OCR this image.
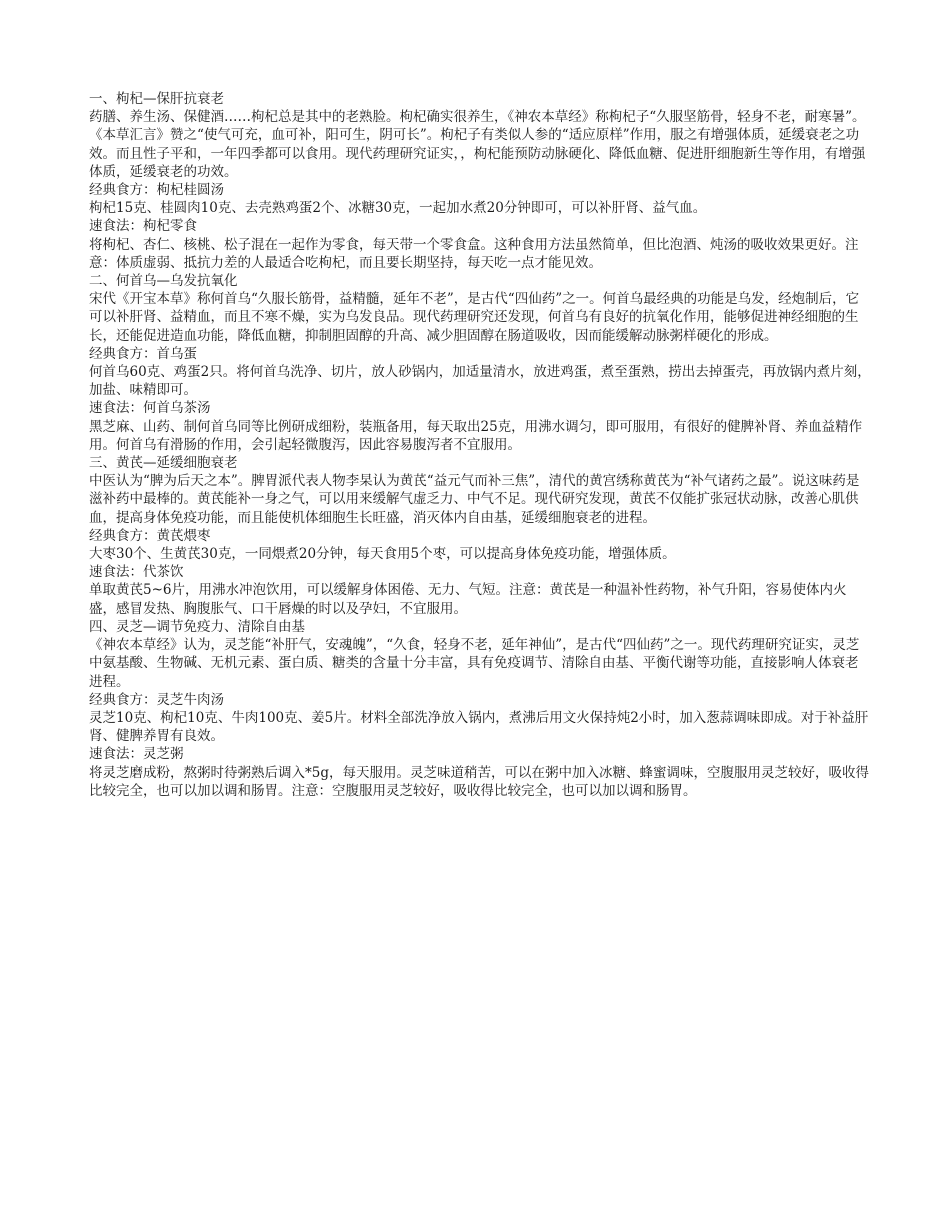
一、枸杞—保肝抗衰老
药膳、养生汤、保健酒……枸杞总是其中的老熟脸。枸杞确实很养生，《神农本草经》称枸杞子“久服坚筋骨，轻身不老，耐寒暑”。《本草汇言》赞之“使气可充，血可补，阳可生，阴可长”。枸杞子有类似人参的“适应原样”作用，服之有增强体质，延缓衰老之功效。而且性子平和，一年四季都可以食用。现代药理研究证实，，枸杞能预防动脉硬化、降低血糖、促进肝细胞新生等作用，有增强体质，延缓衰老的功效。
经典食方：枸杞桂圆汤
枸杞15克、桂圆肉10克、去壳熟鸡蛋2个、冰糖30克，一起加水煮20分钟即可，可以补肝肾、益气血。
速食法：枸杞零食
将枸杞、杏仁、核桃、松子混在一起作为零食，每天带一个零食盒。这种食用方法虽然简单，但比泡酒、炖汤的吸收效果更好。注意：体质虚弱、抵抗力差的人最适合吃枸杞，而且要长期坚持，每天吃一点才能见效。
二、何首乌—乌发抗氧化
宋代《开宝本草》称何首乌“久服长筋骨，益精髓，延年不老”，是古代“四仙药”之一。何首乌最经典的功能是乌发，经炮制后，它可以补肝肾、益精血，而且不寒不燥，实为乌发良品。现代药理研究还发现，何首乌有良好的抗氧化作用，能够促进神经细胞的生长，还能促进造血功能，降低血糖，抑制胆固醇的升高、减少胆固醇在肠道吸收，因而能缓解动脉粥样硬化的形成。
经典食方：首乌蛋
何首乌60克、鸡蛋2只。将何首乌洗净、切片，放人砂锅内，加适量清水，放进鸡蛋，煮至蛋熟，捞出去掉蛋壳，再放锅内煮片刻，加盐、味精即可。
速食法：何首乌茶汤
黑芝麻、山药、制何首乌同等比例研成细粉，装瓶备用，每天取出25克，用沸水调匀，即可服用，有很好的健脾补肾、养血益精作用。何首乌有滑肠的作用，会引起轻微腹泻，因此容易腹泻者不宜服用。
三、黄芪—延缓细胞衰老
中医认为“脾为后天之本”。脾胃派代表人物李杲认为黄芪“益元气而补三焦”，清代的黄宫绣称黄芪为“补气诸药之最”。说这味药是滋补药中最棒的。黄芪能补一身之气，可以用来缓解气虚乏力、中气不足。现代研究发现，黄芪不仅能扩张冠状动脉，改善心肌供血，提高身体免疫功能，而且能使机体细胞生长旺盛，消灭体内自由基，延缓细胞衰老的进程。
经典食方：黄芪煨枣
大枣30个、生黄芪30克，一同煨煮20分钟，每天食用5个枣，可以提高身体免疫功能，增强体质。
速食法：代茶饮
单取黄芪5~6片，用沸水冲泡饮用，可以缓解身体困倦、无力、气短。注意：黄芪是一种温补性药物，补气升阳，容易使体内火盛，感冒发热、胸腹胀气、口干唇燥的时以及孕妇，不宜服用。
四、灵芝—调节免疫力、清除自由基
《神农本草经》认为，灵芝能“补肝气，安魂魄”，“久食，轻身不老，延年神仙”，是古代“四仙药”之一。现代药理研究证实，灵芝中氨基酸、生物碱、无机元素、蛋白质、糖类的含量十分丰富，具有免疫调节、清除自由基、平衡代谢等功能，直接影响人体衰老进程。
经典食方：灵芝牛肉汤
灵芝10克、枸杞10克、牛肉100克、姜5片。材料全部洗净放入锅内，煮沸后用文火保持炖2小时，加入葱蒜调味即成。对于补益肝肾、健脾养胃有良效。
速食法：灵芝粥
将灵芝磨成粉，熬粥时待粥熟后调入*5g，每天服用。灵芝味道稍苦，可以在粥中加入冰糖、蜂蜜调味，空腹服用灵芝较好，吸收得比较完全，也可以加以调和肠胃。注意：空腹服用灵芝较好，吸收得比较完全，也可以加以调和肠胃。
